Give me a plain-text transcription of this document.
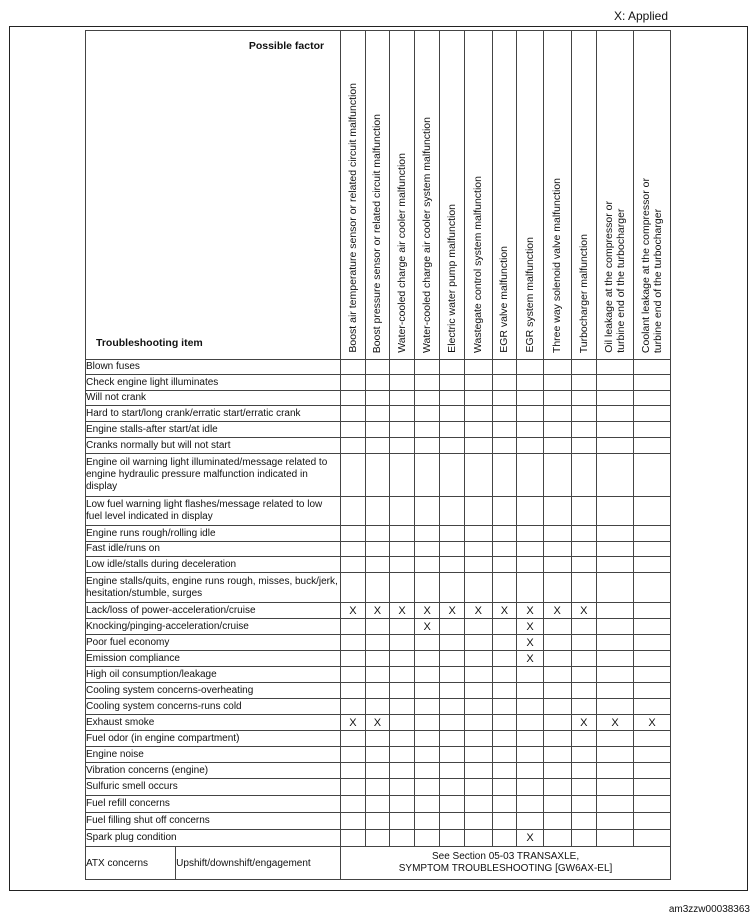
X: Applied
Possible factor
Troubleshooting item		Boost air temperature sensor or related circuit malfunction	Boost pressure sensor or related circuit malfunction	Water-cooled charge air cooler malfunction	Water-cooled charge air cooler system malfunction	Electric water pump malfunction	Wastegate control system malfunction	EGR valve malfunction	EGR system malfunction	Three way solenoid valve malfunction	Turbocharger malfunction	Oil leakage at the compressor or
turbine end of the turbocharger	Coolant leakage at the compressor or
turbine end of the turbocharger

Blown fuses													
Check engine light illuminates													
Will not crank													
Hard to start/long crank/erratic start/erratic crank													
Engine stalls-after start/at idle													
Cranks normally but will not start													
Engine oil warning light illuminated/message related to engine hydraulic pressure malfunction indicated in display													
Low fuel warning light flashes/message related to low fuel level indicated in display													
Engine runs rough/rolling idle													
Fast idle/runs on													
Low idle/stalls during deceleration													
Engine stalls/quits, engine runs rough, misses, buck/jerk, hesitation/stumble, surges													
Lack/loss of power-acceleration/cruise		X	X	X	X	X	X	X	X	X	X		
Knocking/pinging-acceleration/cruise					X				X				
Poor fuel economy									X				
Emission compliance									X				
High oil consumption/leakage													
Cooling system concerns-overheating													
Cooling system concerns-runs cold													
Exhaust smoke		X	X								X	X	X
Fuel odor (in engine compartment)													
Engine noise													
Vibration concerns (engine)													
Sulfuric smell occurs													
Fuel refill concerns													
Fuel filling shut off concerns													
Spark plug condition									X				
ATX concerns	Upshift/downshift/engagement	See Section 05-03 TRANSAXLE,
SYMPTOM TROUBLESHOOTING [GW6AX-EL]											
am3zzw00038363
